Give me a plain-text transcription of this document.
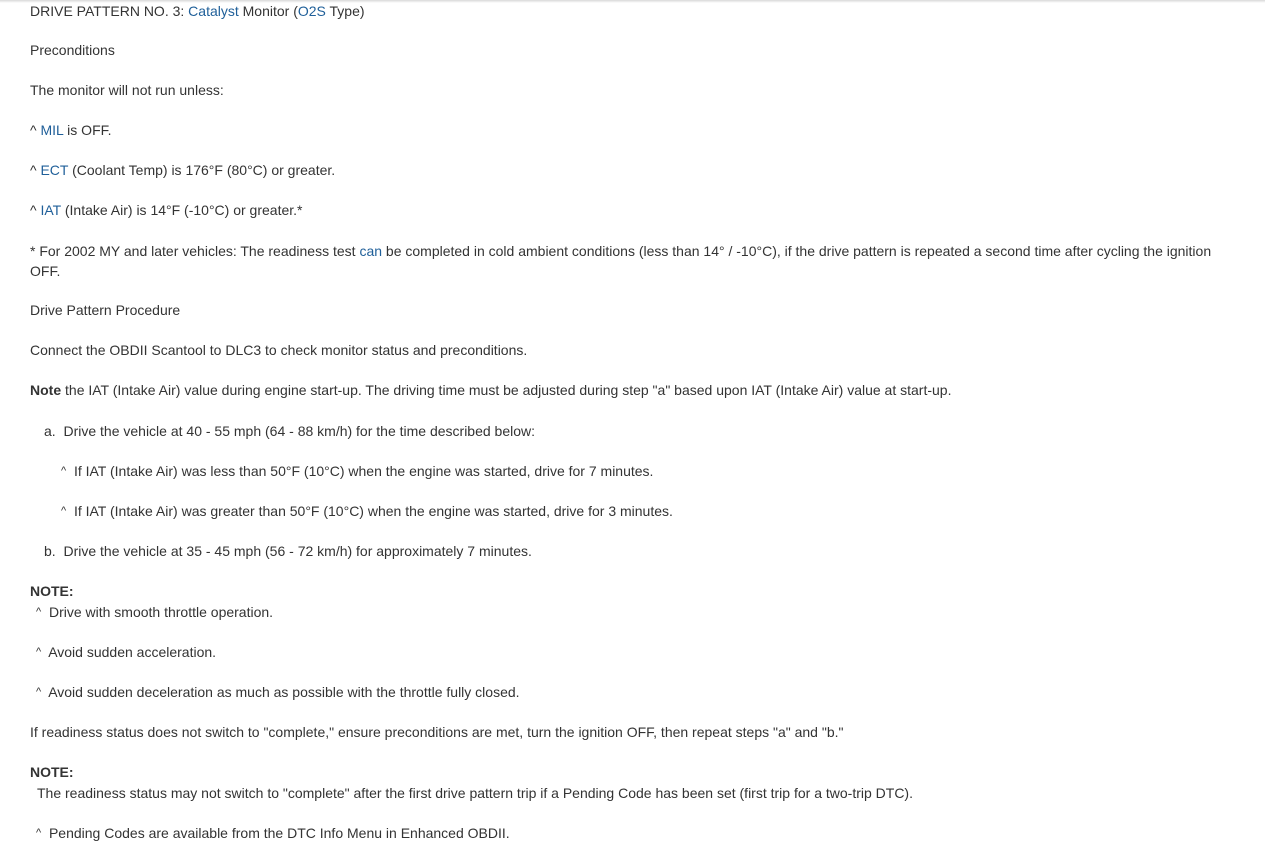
DRIVE PATTERN NO. 3: Catalyst Monitor (O2S Type)
Preconditions
The monitor will not run unless:
^ MIL is OFF.
^ ECT (Coolant Temp) is 176°F (80°C) or greater.
^ IAT (Intake Air) is 14°F (-10°C) or greater.*
* For 2002 MY and later vehicles: The readiness test can be completed in cold ambient conditions (less than 14° / -10°C), if the drive pattern is repeated a second time after cycling the ignition OFF.
Drive Pattern Procedure
Connect the OBDII Scantool to DLC3 to check monitor status and preconditions.
Note the IAT (Intake Air) value during engine start-up. The driving time must be adjusted during step "a" based upon IAT (Intake Air) value at start-up.
a. Drive the vehicle at 40 - 55 mph (64 - 88 km/h) for the time described below:
^ If IAT (Intake Air) was less than 50°F (10°C) when the engine was started, drive for 7 minutes.
^ If IAT (Intake Air) was greater than 50°F (10°C) when the engine was started, drive for 3 minutes.
b. Drive the vehicle at 35 - 45 mph (56 - 72 km/h) for approximately 7 minutes.
NOTE:
^ Drive with smooth throttle operation.
^ Avoid sudden acceleration.
^ Avoid sudden deceleration as much as possible with the throttle fully closed.
If readiness status does not switch to "complete," ensure preconditions are met, turn the ignition OFF, then repeat steps "a" and "b."
NOTE:
The readiness status may not switch to "complete" after the first drive pattern trip if a Pending Code has been set (first trip for a two-trip DTC).
^ Pending Codes are available from the DTC Info Menu in Enhanced OBDII.
